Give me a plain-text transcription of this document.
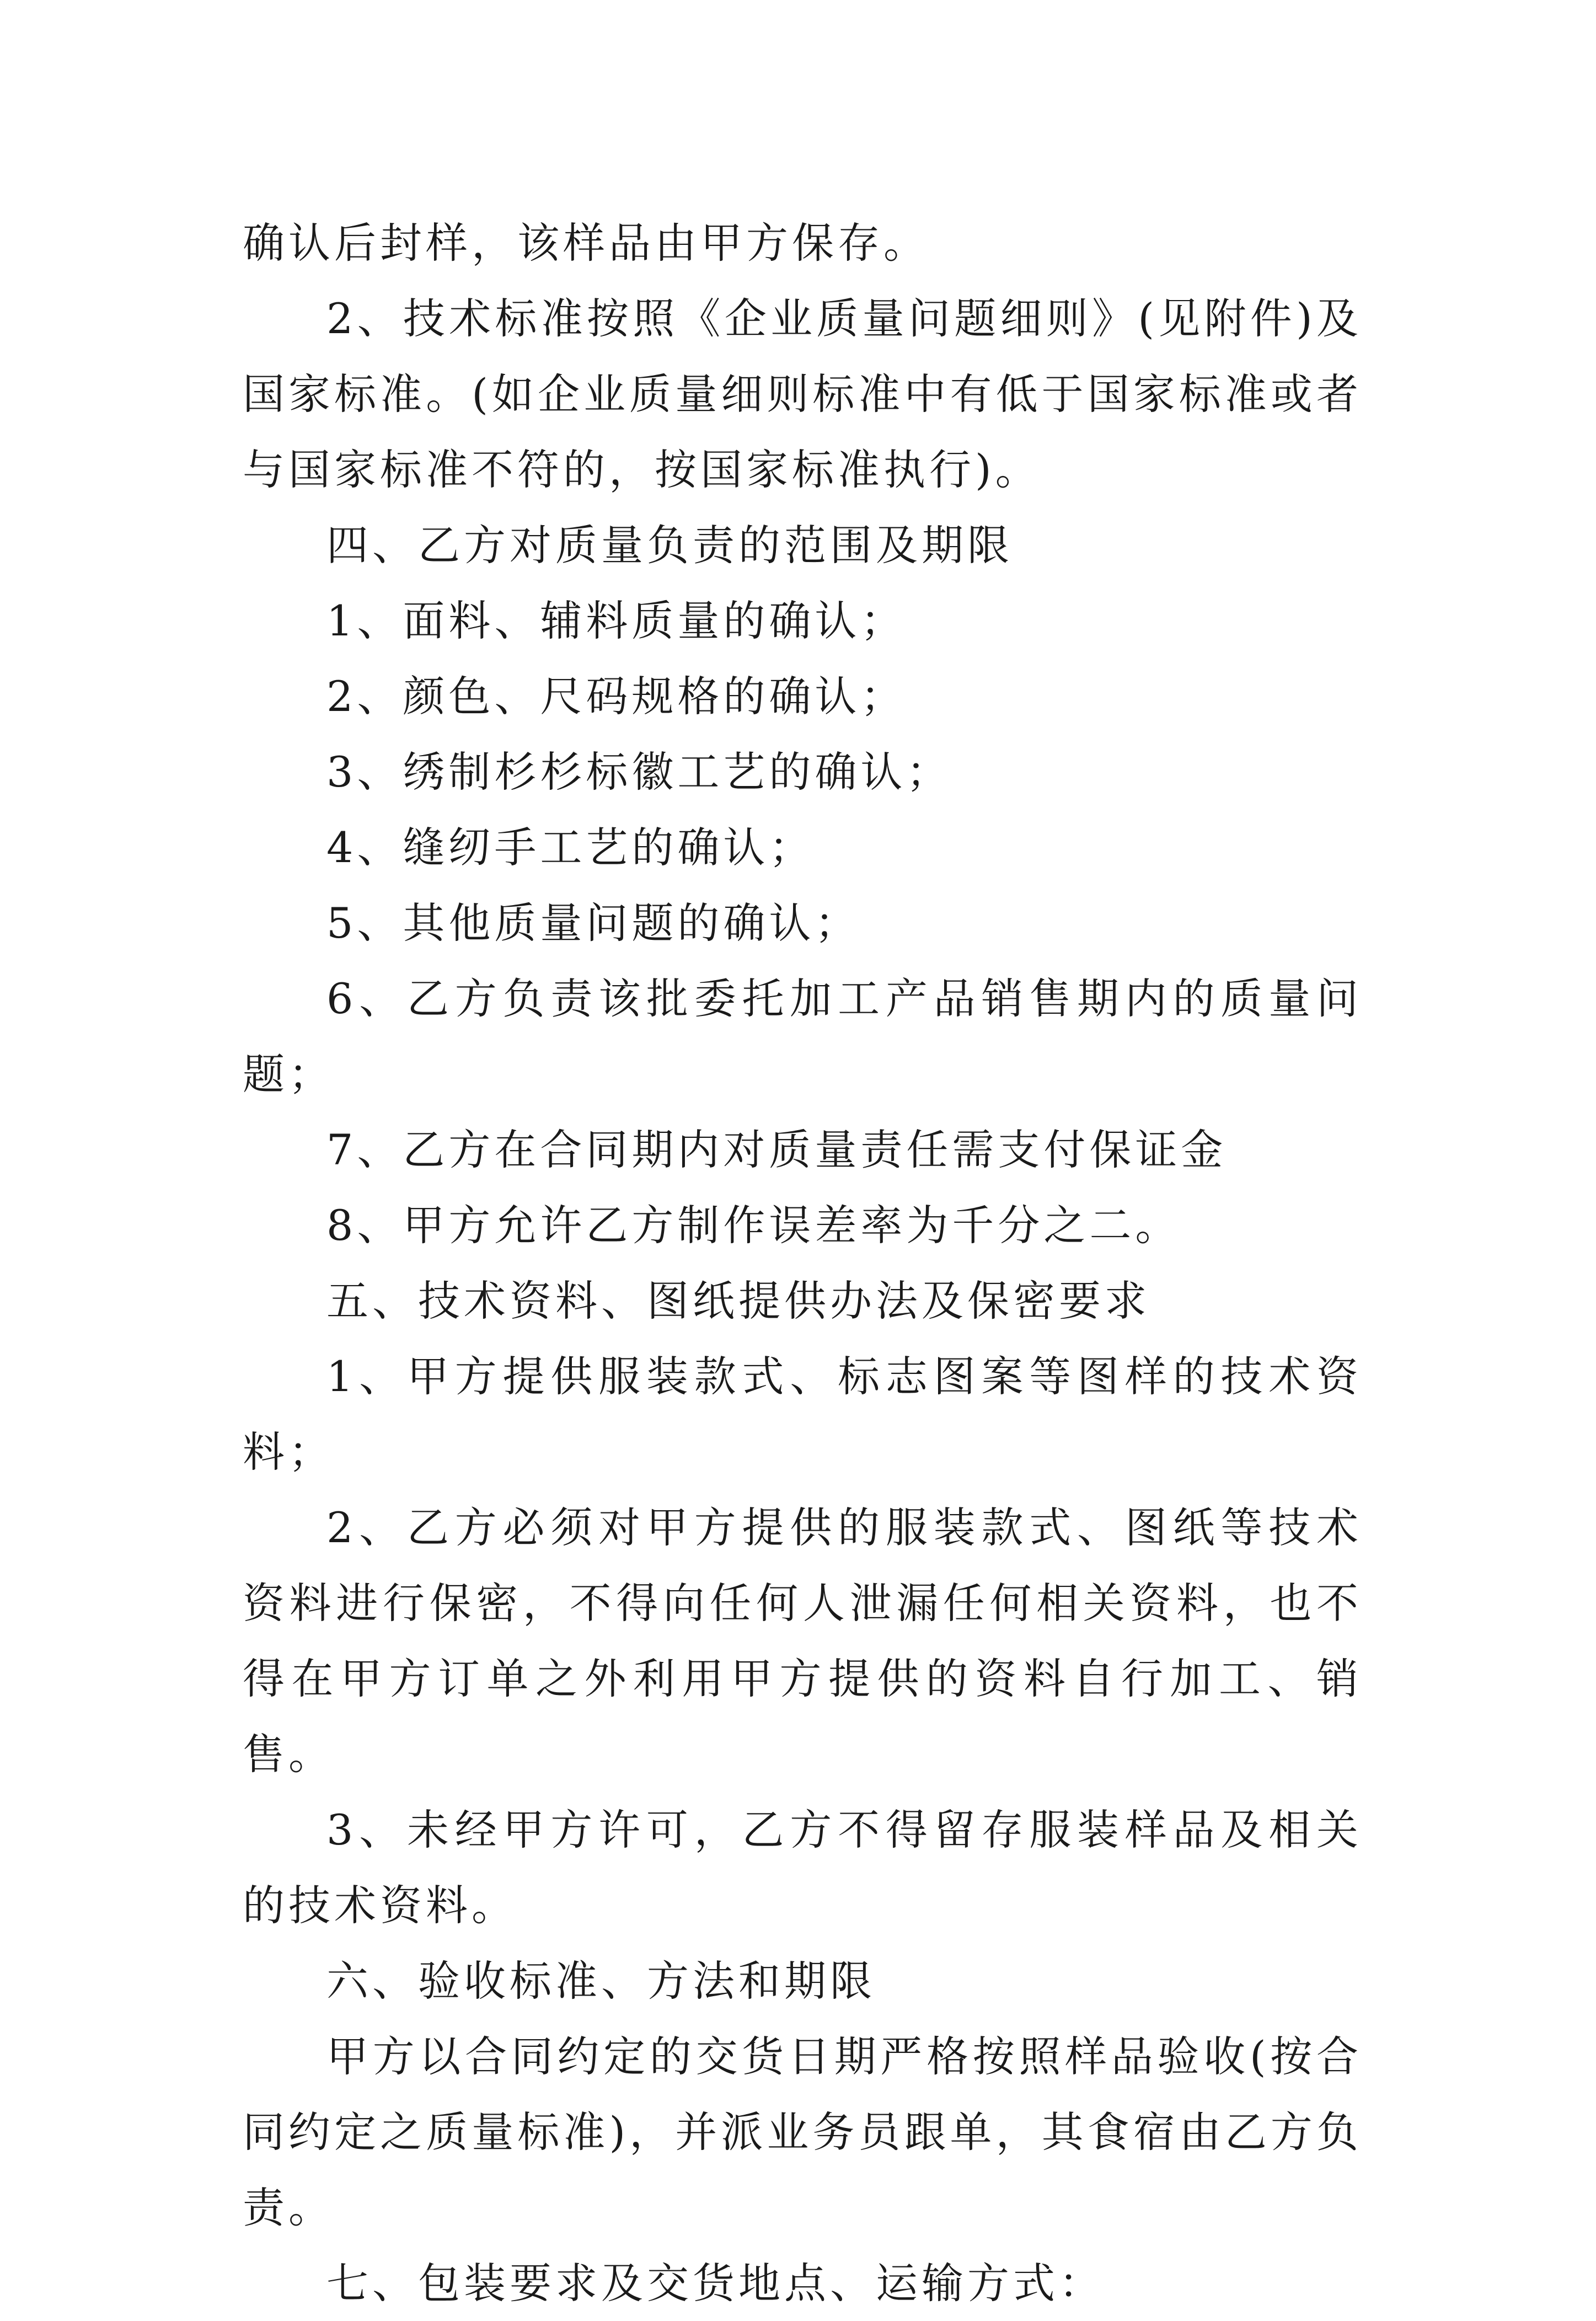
确认后封样，该样品由甲方保存。

2、技术标准按照《企业质量问题细则》(见附件)及国家标准。(如企业质量细则标准中有低于国家标准或者与国家标准不符的，按国家标准执行)。

四、乙方对质量负责的范围及期限

1、面料、辅料质量的确认；

2、颜色、尺码规格的确认；

3、绣制杉杉标徽工艺的确认；

4、缝纫手工艺的确认；

5、其他质量问题的确认；

6、乙方负责该批委托加工产品销售期内的质量问题；

7、乙方在合同期内对质量责任需支付保证金

8、甲方允许乙方制作误差率为千分之二。

五、技术资料、图纸提供办法及保密要求

1、甲方提供服装款式、标志图案等图样的技术资料；

2、乙方必须对甲方提供的服装款式、图纸等技术资料进行保密，不得向任何人泄漏任何相关资料，也不得在甲方订单之外利用甲方提供的资料自行加工、销售。

3、未经甲方许可，乙方不得留存服装样品及相关的技术资料。

六、验收标准、方法和期限

甲方以合同约定的交货日期严格按照样品验收(按合同约定之质量标准)，并派业务员跟单，其食宿由乙方负责。

七、包装要求及交货地点、运输方式：
